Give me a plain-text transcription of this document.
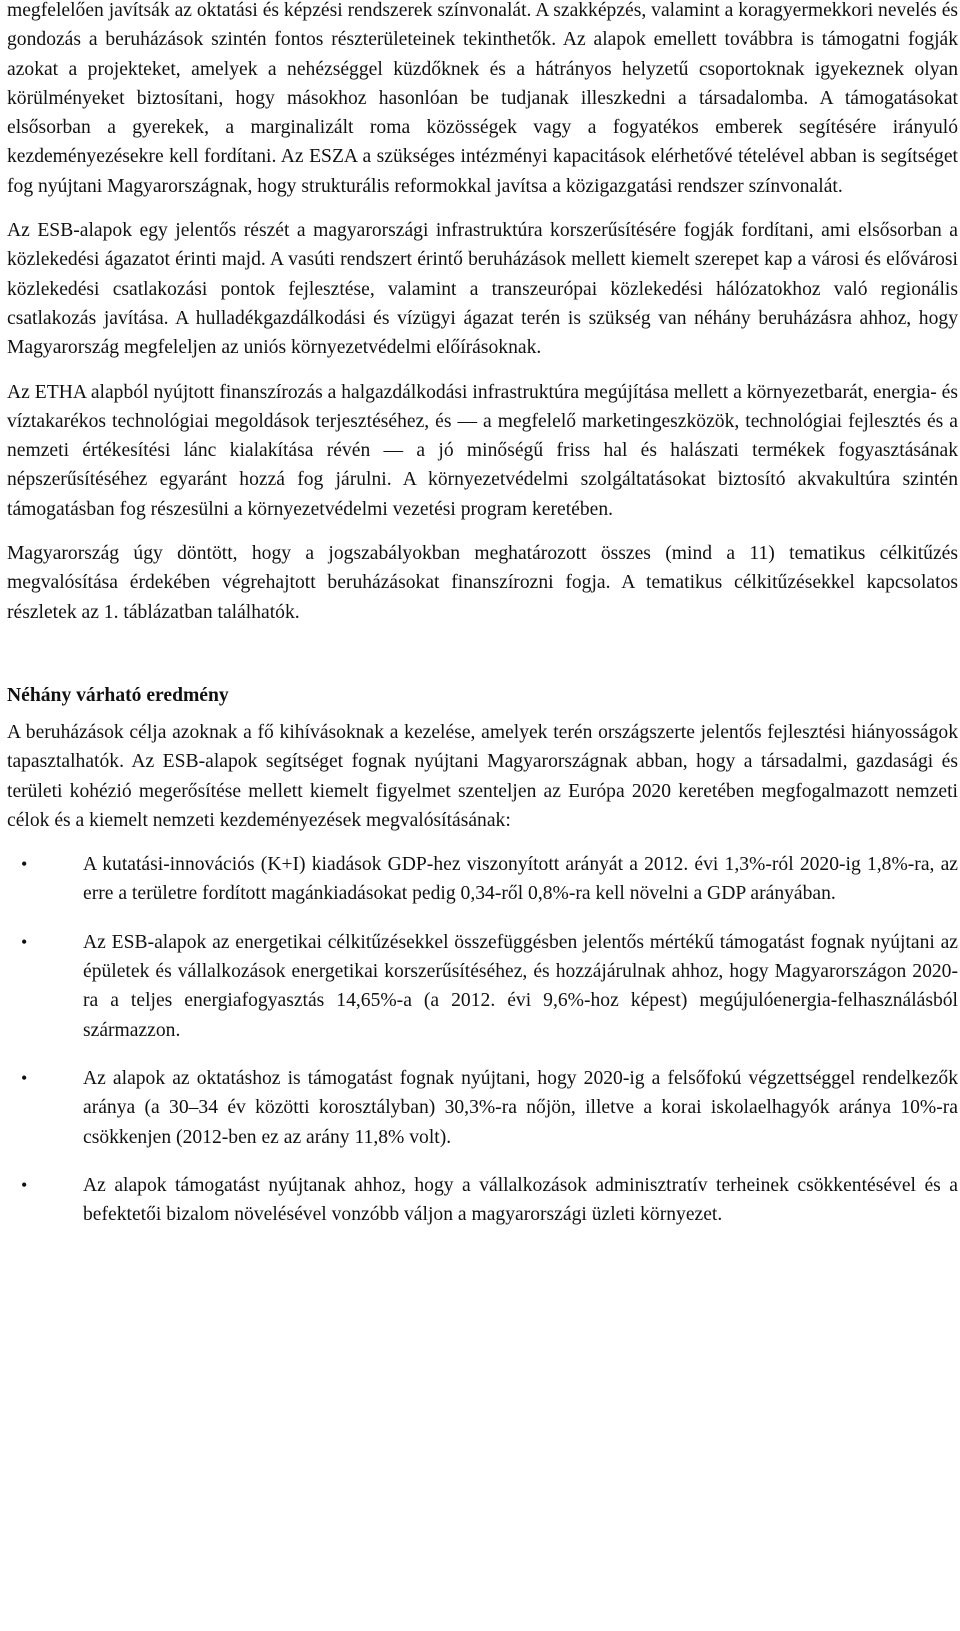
megfelelően javítsák az oktatási és képzési rendszerek színvonalát. A szakképzés, valamint a koragyermekkori nevelés és gondozás a beruházások szintén fontos részterületeinek tekinthetők. Az alapok emellett továbbra is támogatni fogják azokat a projekteket, amelyek a nehézséggel küzdőknek és a hátrányos helyzetű csoportoknak igyekeznek olyan körülményeket biztosítani, hogy másokhoz hasonlóan be tudjanak illeszkedni a társadalomba. A támogatásokat elsősorban a gyerekek, a marginalizált roma közösségek vagy a fogyatékos emberek segítésére irányuló kezdeményezésekre kell fordítani. Az ESZA a szükséges intézményi kapacitások elérhetővé tételével abban is segítséget fog nyújtani Magyarországnak, hogy strukturális reformokkal javítsa a közigazgatási rendszer színvonalát.

Az ESB-alapok egy jelentős részét a magyarországi infrastruktúra korszerűsítésére fogják fordítani, ami elsősorban a közlekedési ágazatot érinti majd. A vasúti rendszert érintő beruházások mellett kiemelt szerepet kap a városi és elővárosi közlekedési csatlakozási pontok fejlesztése, valamint a transzeurópai közlekedési hálózatokhoz való regionális csatlakozás javítása. A hulladékgazdálkodási és vízügyi ágazat terén is szükség van néhány beruházásra ahhoz, hogy Magyarország megfeleljen az uniós környezetvédelmi előírásoknak.

Az ETHA alapból nyújtott finanszírozás a halgazdálkodási infrastruktúra megújítása mellett a környezetbarát, energia- és víztakarékos technológiai megoldások terjesztéséhez, és — a megfelelő marketingeszközök, technológiai fejlesztés és a nemzeti értékesítési lánc kialakítása révén — a jó minőségű friss hal és halászati termékek fogyasztásának népszerűsítéséhez egyaránt hozzá fog járulni. A környezetvédelmi szolgáltatásokat biztosító akvakultúra szintén támogatásban fog részesülni a környezetvédelmi vezetési program keretében.

Magyarország úgy döntött, hogy a jogszabályokban meghatározott összes (mind a 11) tematikus célkitűzés megvalósítása érdekében végrehajtott beruházásokat finanszírozni fogja. A tematikus célkitűzésekkel kapcsolatos részletek az 1. táblázatban találhatók.

Néhány várható eredmény

A beruházások célja azoknak a fő kihívásoknak a kezelése, amelyek terén országszerte jelentős fejlesztési hiányosságok tapasztalhatók. Az ESB-alapok segítséget fognak nyújtani Magyarországnak abban, hogy a társadalmi, gazdasági és területi kohézió megerősítése mellett kiemelt figyelmet szenteljen az Európa 2020 keretében megfogalmazott nemzeti célok és a kiemelt nemzeti kezdeményezések megvalósításának:

•	A kutatási-innovációs (K+I) kiadások GDP-hez viszonyított arányát a 2012. évi 1,3%-ról 2020-ig 1,8%-ra, az erre a területre fordított magánkiadásokat pedig 0,34-ről 0,8%-ra kell növelni a GDP arányában.
•	Az ESB-alapok az energetikai célkitűzésekkel összefüggésben jelentős mértékű támogatást fognak nyújtani az épületek és vállalkozások energetikai korszerűsítéséhez, és hozzájárulnak ahhoz, hogy Magyarországon 2020-ra a teljes energiafogyasztás 14,65%-a (a 2012. évi 9,6%-hoz képest) megújulóenergia-felhasználásból származzon.
•	Az alapok az oktatáshoz is támogatást fognak nyújtani, hogy 2020-ig a felsőfokú végzettséggel rendelkezők aránya (a 30–34 év közötti korosztályban) 30,3%-ra nőjön, illetve a korai iskolaelhagyók aránya 10%-ra csökkenjen (2012-ben ez az arány 11,8% volt).
•	Az alapok támogatást nyújtanak ahhoz, hogy a vállalkozások adminisztratív terheinek csökkentésével és a befektetői bizalom növelésével vonzóbb váljon a magyarországi üzleti környezet.
